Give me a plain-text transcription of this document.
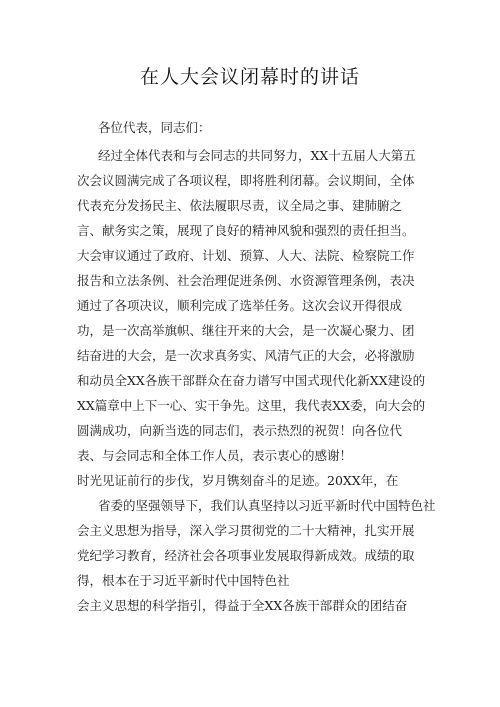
在人大会议闭幕时的讲话
各位代表，同志们：
经过全体代表和与会同志的共同努力，XX十五届人大第五
次会议圆满完成了各项议程，即将胜利闭幕。会议期间，全体
代表充分发扬民主、依法履职尽责，议全局之事、建肺腑之
言、献务实之策，展现了良好的精神风貌和强烈的责任担当。
大会审议通过了政府、计划、预算、人大、法院、检察院工作
报告和立法条例、社会治理促进条例、水资源管理条例，表决
通过了各项决议，顺利完成了选举任务。这次会议开得很成
功，是一次高举旗帜、继往开来的大会，是一次凝心聚力、团
结奋进的大会，是一次求真务实、风清气正的大会，必将激励
和动员全XX各族干部群众在奋力谱写中国式现代化新XX建设的
XX篇章中上下一心、实干争先。这里，我代表XX委，向大会的
圆满成功，向新当选的同志们，表示热烈的祝贺！向各位代
表、与会同志和全体工作人员，表示衷心的感谢！
时光见证前行的步伐，岁月镌刻奋斗的足迹。20XX年，在
省委的坚强领导下，我们认真坚持以习近平新时代中国特色社
会主义思想为指导，深入学习贯彻党的二十大精神，扎实开展
党纪学习教育，经济社会各项事业发展取得新成效。成绩的取
得，根本在于习近平新时代中国特色社
会主义思想的科学指引，得益于全XX各族干部群众的团结奋
